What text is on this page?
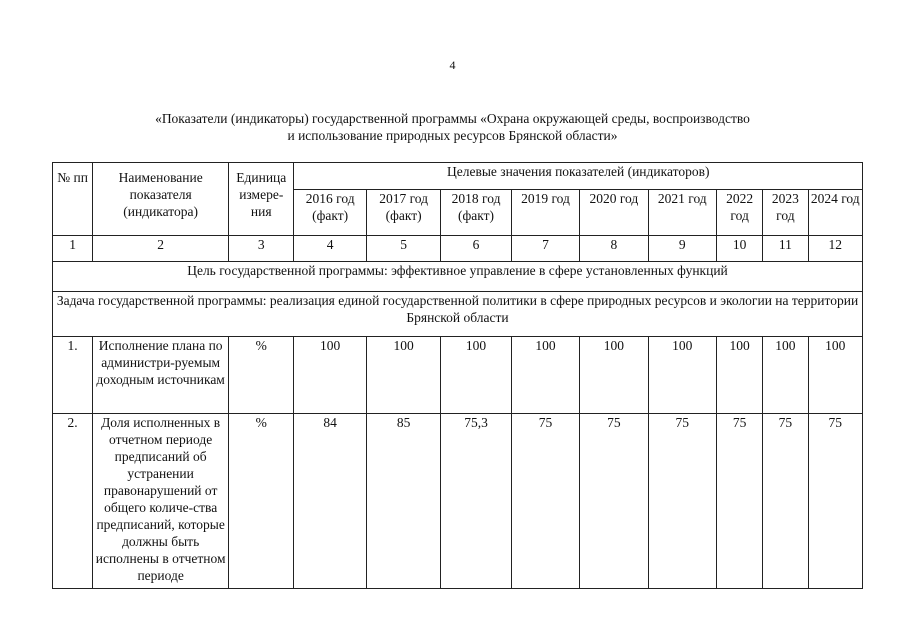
4
«Показатели (индикаторы) государственной программы «Охрана окружающей среды, воспроизводство
и использование природных ресурсов Брянской области»
№ пп	Наименование показателя (индикатора)	Единица измере-ния	Целевые значения показателей (индикаторов)								
			2016 год (факт)	2017 год (факт)	2018 год (факт)	2019 год	2020 год	2021 год	2022 год	2023 год	2024 год
1	2	3	4	5	6	7	8	9	10	11	12
Цель государственной программы: эффективное управление в сфере установленных функций											
Задача государственной программы: реализация единой государственной политики в сфере природных ресурсов и экологии на территории Брянской области											
1.	Исполнение плана по администри-руемым доходным источникам	%	100	100	100	100	100	100	100	100	100
2.	Доля исполненных в отчетном периоде предписаний об устранении правонарушений от общего количе-ства предписаний, которые должны быть исполнены в отчетном периоде	%	84	85	75,3	75	75	75	75	75	75
